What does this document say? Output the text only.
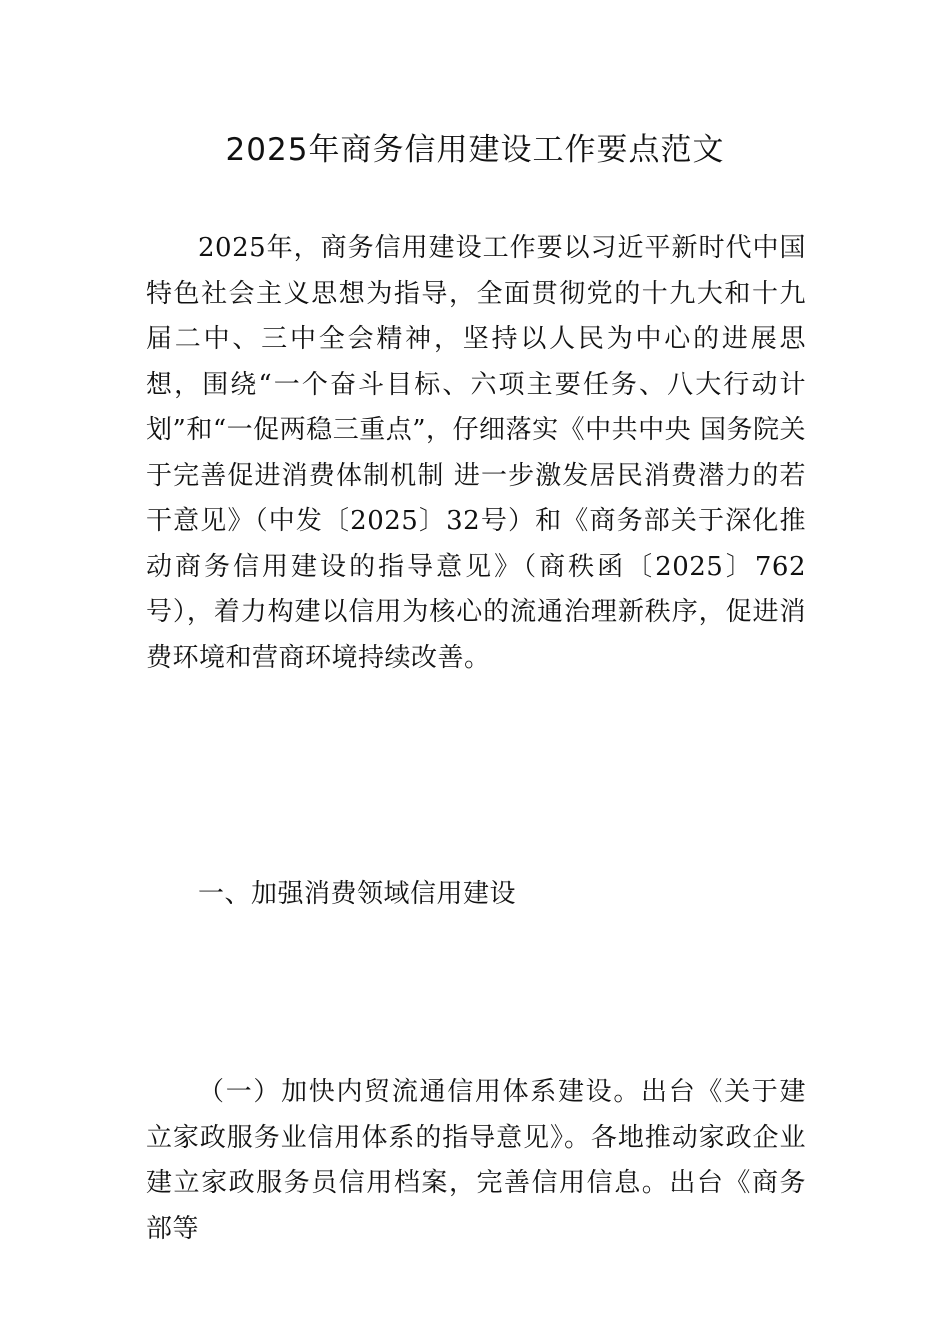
2025年商务信用建设工作要点范文

2025年，商务信用建设工作要以习近平新时代中国特色社会主义思想为指导，全面贯彻党的十九大和十九届二中、三中全会精神，坚持以人民为中心的进展思想，围绕“一个奋斗目标、六项主要任务、八大行动计划”和“一促两稳三重点”，仔细落实《中共中央 国务院关于完善促进消费体制机制 进一步激发居民消费潜力的若干意见》（中发〔2025〕32号）和《商务部关于深化推动商务信用建设的指导意见》（商秩函〔2025〕762号），着力构建以信用为核心的流通治理新秩序，促进消费环境和营商环境持续改善。

一、加强消费领域信用建设

（一）加快内贸流通信用体系建设。出台《关于建立家政服务业信用体系的指导意见》。各地推动家政企业建立家政服务员信用档案，完善信用信息。出台《商务部等
